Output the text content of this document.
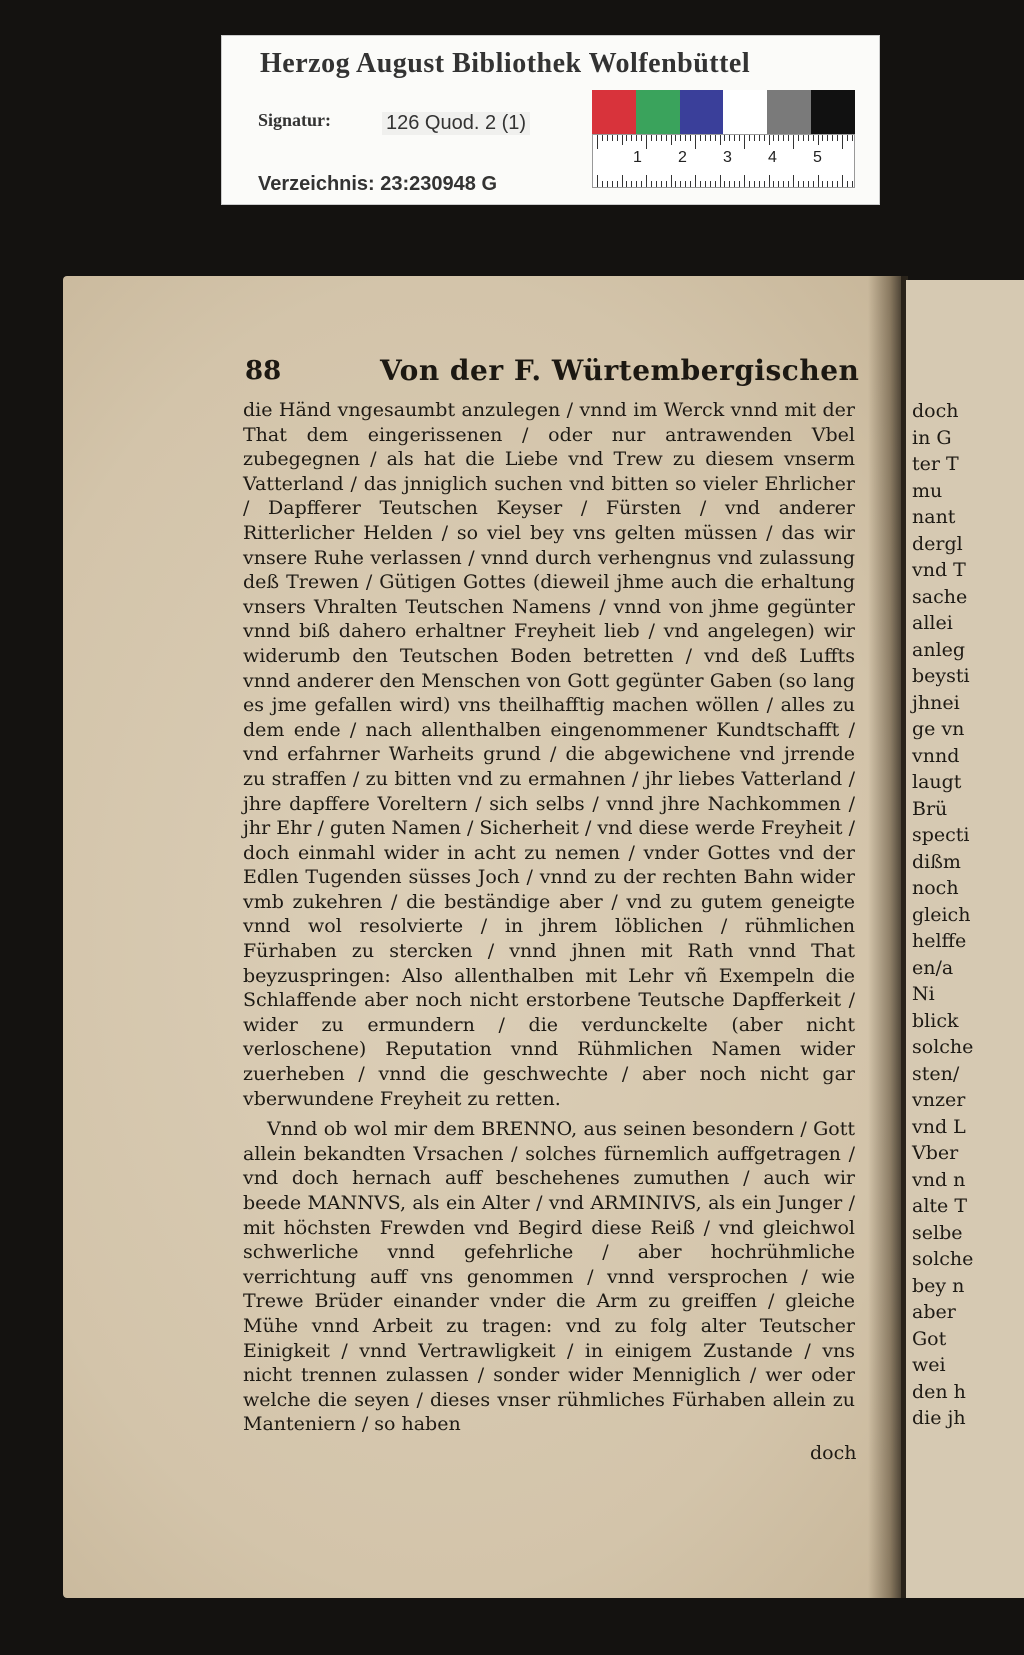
Herzog August Bibliothek Wolfenbüttel
Signatur:	126 Quod. 2 (1)
Verzeichnis: 23:230948 G
1 2 3 4 5
doch
in G
ter T
mu
nant
dergl
vnd T
sache
allei
anleg
beysti
jhnei
ge vn
vnnd
laugt
Brü
specti
dißm
noch
gleich
helffe
en/a
Ni
blick
solche
sten/
vnzer
vnd L
Vber
vnd n
alte T
selbe
solche
bey n
aber
Got
wei
den h
die jh
88	Von der F. Würtembergischen

die Händ vngesaumbt anzulegen / vnnd im Werck vnnd mit der That dem eingerissenen / oder nur antrawenden Vbel zubegegnen / als hat die Liebe vnd Trew zu diesem vnserm Vatterland / das jnniglich suchen vnd bitten so vieler Ehrlicher / Dapfferer Teutschen Keyser / Fürsten / vnd anderer Ritterlicher Helden / so viel bey vns gelten müssen / das wir vnsere Ruhe verlassen / vnnd durch verhengnus vnd zulassung deß Trewen / Gütigen Gottes (dieweil jhme auch die erhaltung vnsers Vhralten Teutschen Namens / vnnd von jhme gegünter vnnd biß dahero erhaltner Freyheit lieb / vnd angelegen) wir widerumb den Teutschen Boden betretten / vnd deß Luffts vnnd anderer den Menschen von Gott gegünter Gaben (so lang es jme gefallen wird) vns theilhafftig machen wöllen / alles zu dem ende / nach allenthalben eingenommener Kundtschafft / vnd erfahrner Warheits grund / die abgewichene vnd jrrende zu straffen / zu bitten vnd zu ermahnen / jhr liebes Vatterland / jhre dapffere Voreltern / sich selbs / vnnd jhre Nachkommen / jhr Ehr / guten Namen / Sicherheit / vnd diese werde Freyheit / doch einmahl wider in acht zu nemen / vnder Gottes vnd der Edlen Tugenden süsses Joch / vnnd zu der rechten Bahn wider vmb zukehren / die beständige aber / vnd zu gutem geneigte vnnd wol resolvierte / in jhrem löblichen / rühmlichen Fürhaben zu stercken / vnnd jhnen mit Rath vnnd That beyzuspringen: Also allenthalben mit Lehr vñ Exempeln die Schlaffende aber noch nicht erstorbene Teutsche Dapfferkeit / wider zu ermundern / die verdunckelte (aber nicht verloschene) Reputation vnnd Rühmlichen Namen wider zuerheben / vnnd die geschwechte / aber noch nicht gar vberwundene Freyheit zu retten.

Vnnd ob wol mir dem BRENNO, aus seinen besondern / Gott allein bekandten Vrsachen / solches fürnemlich auffgetragen / vnd doch hernach auff beschehenes zumuthen / auch wir beede MANNVS, als ein Alter / vnd ARMINIVS, als ein Junger / mit höchsten Frewden vnd Begird diese Reiß / vnd gleichwol schwerliche vnnd gefehrliche / aber hochrühmliche verrichtung auff vns genommen / vnnd versprochen / wie Trewe Brüder einander vnder die Arm zu greiffen / gleiche Mühe vnnd Arbeit zu tragen: vnd zu folg alter Teutscher Einigkeit / vnnd Vertrawligkeit / in einigem Zustande / vns nicht trennen zulassen / sonder wider Menniglich / wer oder welche die seyen / dieses vnser rühmliches Fürhaben allein zu Manteniern / so haben

doch
